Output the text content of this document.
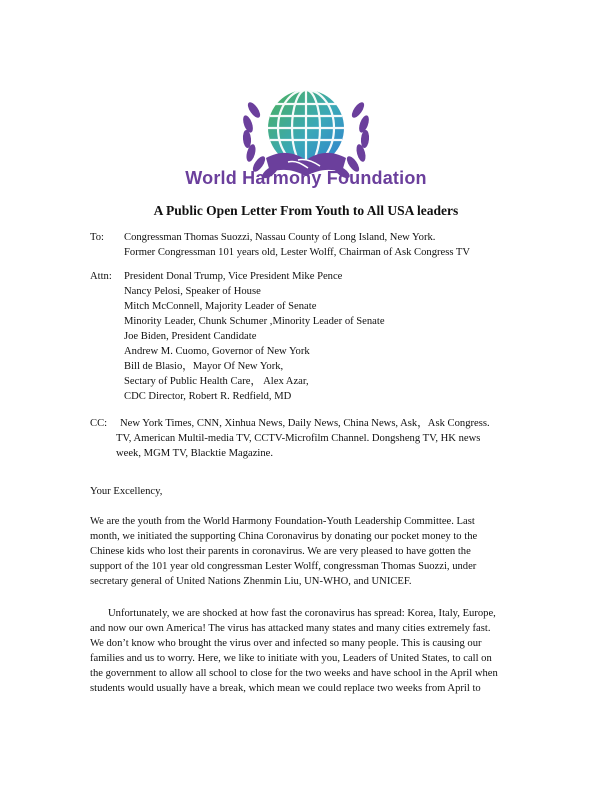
World Harmony Foundation
A Public Open Letter From Youth to All USA leaders
To: Congressman Thomas Suozzi, Nassau County of Long Island, New York.
Former Congressman 101 years old, Lester Wolff, Chairman of Ask Congress TV
Attn: President Donal Trump, Vice President Mike Pence
Nancy Pelosi, Speaker of House
Mitch McConnell, Majority Leader of Senate
Minority Leader, Chunk Schumer ,Minority Leader of Senate
Joe Biden, President Candidate
Andrew M. Cuomo, Governor of New York
Bill de Blasio，Mayor Of New York,
Sectary of Public Health Care， Alex Azar,
CDC Director, Robert R. Redfield, MD
CC: New York Times, CNN, Xinhua News, Daily News, China News, Ask，Ask Congress.
TV, American Multil-media TV, CCTV-Microfilm Channel. Dongsheng TV, HK news
week, MGM TV, Blacktie Magazine.
Your Excellency,
We are the youth from the World Harmony Foundation-Youth Leadership Committee. Last
month, we initiated the supporting China Coronavirus by donating our pocket money to the
Chinese kids who lost their parents in coronavirus. We are very pleased to have gotten the
support of the 101 year old congressman Lester Wolff, congressman Thomas Suozzi, under
secretary general of United Nations Zhenmin Liu, UN-WHO, and UNICEF.
Unfortunately, we are shocked at how fast the coronavirus has spread: Korea, Italy, Europe,
and now our own America! The virus has attacked many states and many cities extremely fast.
We don’t know who brought the virus over and infected so many people. This is causing our
families and us to worry. Here, we like to initiate with you, Leaders of United States, to call on
the government to allow all school to close for the two weeks and have school in the April when
students would usually have a break, which mean we could replace two weeks from April to
